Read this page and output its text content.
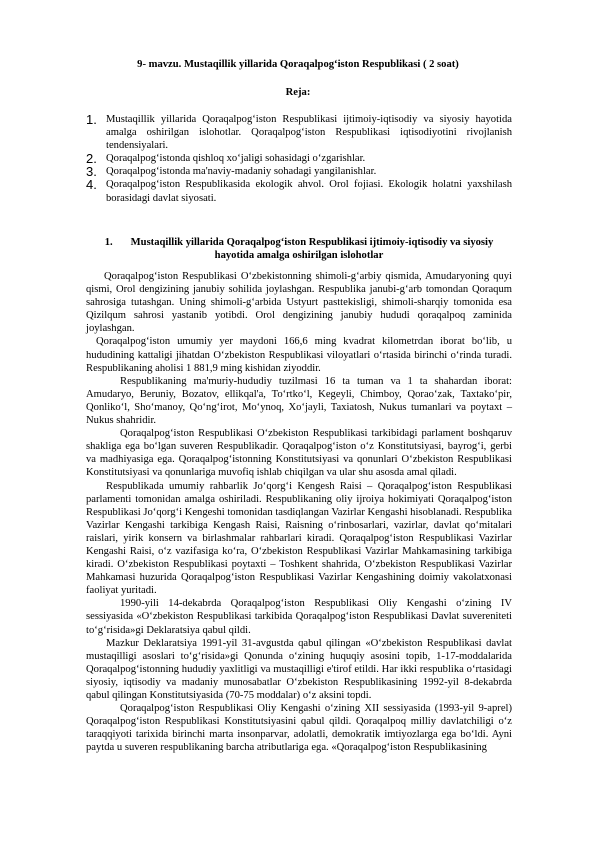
9- mavzu. Mustaqillik yillarida Qoraqalpog‘iston Respublikasi ( 2 soat)
Reja:
1. Mustaqillik yillarida Qoraqalpog‘iston Respublikasi ijtimoiy-iqtisodiy va siyosiy hayotida amalga oshirilgan islohotlar. Qoraqalpog‘iston Respublikasi iqtisodiyotini rivojlanish tendensiyalari.
2. Qoraqalpog‘istonda qishloq xo‘jaligi sohasidagi o‘zgarishlar.
3. Qoraqalpog‘istonda ma'naviy-madaniy sohadagi yangilanishlar.
4. Qoraqalpog‘iston Respublikasida ekologik ahvol. Orol fojiasi. Ekologik holatni yaxshilash borasidagi davlat siyosati.
1. Mustaqillik yillarida Qoraqalpog‘iston Respublikasi ijtimoiy-iqtisodiy va siyosiy hayotida amalga oshirilgan islohotlar

Qoraqalpog‘iston Respublikasi O‘zbekistonning shimoli-g‘arbiy qismida, Amudaryoning quyi qismi, Orol dengizining janubiy sohilida joylashgan. Respublika janubi-g‘arb tomondan Qoraqum sahrosiga tutashgan. Uning shimoli-g‘arbida Ustyurt pasttekisligi, shimoli-sharqiy tomonida esa Qizilqum sahrosi yastanib yotibdi. Orol dengizining janubiy hududi qoraqalpoq zaminida joylashgan.

Qoraqalpog‘iston umumiy yer maydoni 166,6 ming kvadrat kilometrdan iborat bo‘lib, u hududining kattaligi jihatdan O‘zbekiston Respublikasi viloyatlari o‘rtasida birinchi o‘rinda turadi. Respublikaning aholisi 1 881,9 ming kishidan ziyoddir.

Respublikaning ma'muriy-hududiy tuzilmasi 16 ta tuman va 1 ta shahardan iborat: Amudaryo, Beruniy, Bozatov, ellikqal'a, To‘rtko‘l, Kegeyli, Chimboy, Qorao‘zak, Taxtako‘pir, Qonliko‘l, Sho‘manoy, Qo‘ng‘irot, Mo‘ynoq, Xo‘jayli, Taxiatosh, Nukus tumanlari va poytaxt – Nukus shahridir.

Qoraqalpog‘iston Respublikasi O‘zbekiston Respublikasi tarkibidagi parlament boshqaruv shakliga ega bo‘lgan suveren Respublikadir. Qoraqalpog‘iston o‘z Konstitutsiyasi, bayrog‘i, gerbi va madhiyasiga ega. Qoraqalpog‘istonning Konstitutsiyasi va qonunlari O‘zbekiston Respublikasi Konstitutsiyasi va qonunlariga muvofiq ishlab chiqilgan va ular shu asosda amal qiladi.

Respublikada umumiy rahbarlik Jo‘qorg‘i Kengesh Raisi – Qoraqalpog‘iston Respublikasi parlamenti tomonidan amalga oshiriladi. Respublikaning oliy ijroiya hokimiyati Qoraqalpog‘iston Respublikasi Jo‘qorg‘i Kengeshi tomonidan tasdiqlangan Vazirlar Kengashi hisoblanadi. Respublika Vazirlar Kengashi tarkibiga Kengash Raisi, Raisning o‘rinbosarlari, vazirlar, davlat qo‘mitalari raislari, yirik konsern va birlashmalar rahbarlari kiradi. Qoraqalpog‘iston Respublikasi Vazirlar Kengashi Raisi, o‘z vazifasiga ko‘ra, O‘zbekiston Respublikasi Vazirlar Mahkamasining tarkibiga kiradi. O‘zbekiston Respublikasi poytaxti – Toshkent shahrida, O‘zbekiston Respublikasi Vazirlar Mahkamasi huzurida Qoraqalpog‘iston Respublikasi Vazirlar Kengashining doimiy vakolatxonasi faoliyat yuritadi.

1990-yili 14-dekabrda Qoraqalpog‘iston Respublikasi Oliy Kengashi o‘zining IV sessiyasida «O‘zbekiston Respublikasi tarkibida Qoraqalpog‘iston Respublikasi Davlat suvereniteti to‘g‘risida»gi Deklaratsiya qabul qildi.

Mazkur Deklaratsiya 1991-yil 31-avgustda qabul qilingan «O‘zbekiston Respublikasi davlat mustaqilligi asoslari to‘g‘risida»gi Qonunda o‘zining huquqiy asosini topib, 1-17-moddalarida Qoraqalpog‘istonning hududiy yaxlitligi va mustaqilligi e'tirof etildi. Har ikki respublika o‘rtasidagi siyosiy, iqtisodiy va madaniy munosabatlar O‘zbekiston Respublikasining 1992-yil 8-dekabrda qabul qilingan Konstitutsiyasida (70-75 moddalar) o‘z aksini topdi.

Qoraqalpog‘iston Respublikasi Oliy Kengashi o‘zining XII sessiyasida (1993-yil 9-aprel) Qoraqalpog‘iston Respublikasi Konstitutsiyasini qabul qildi. Qoraqalpoq milliy davlatchiligi o‘z taraqqiyoti tarixida birinchi marta insonparvar, adolatli, demokratik imtiyozlarga ega bo‘ldi. Ayni paytda u suveren respublikaning barcha atributlariga ega. «Qoraqalpog‘iston Respublikasining
